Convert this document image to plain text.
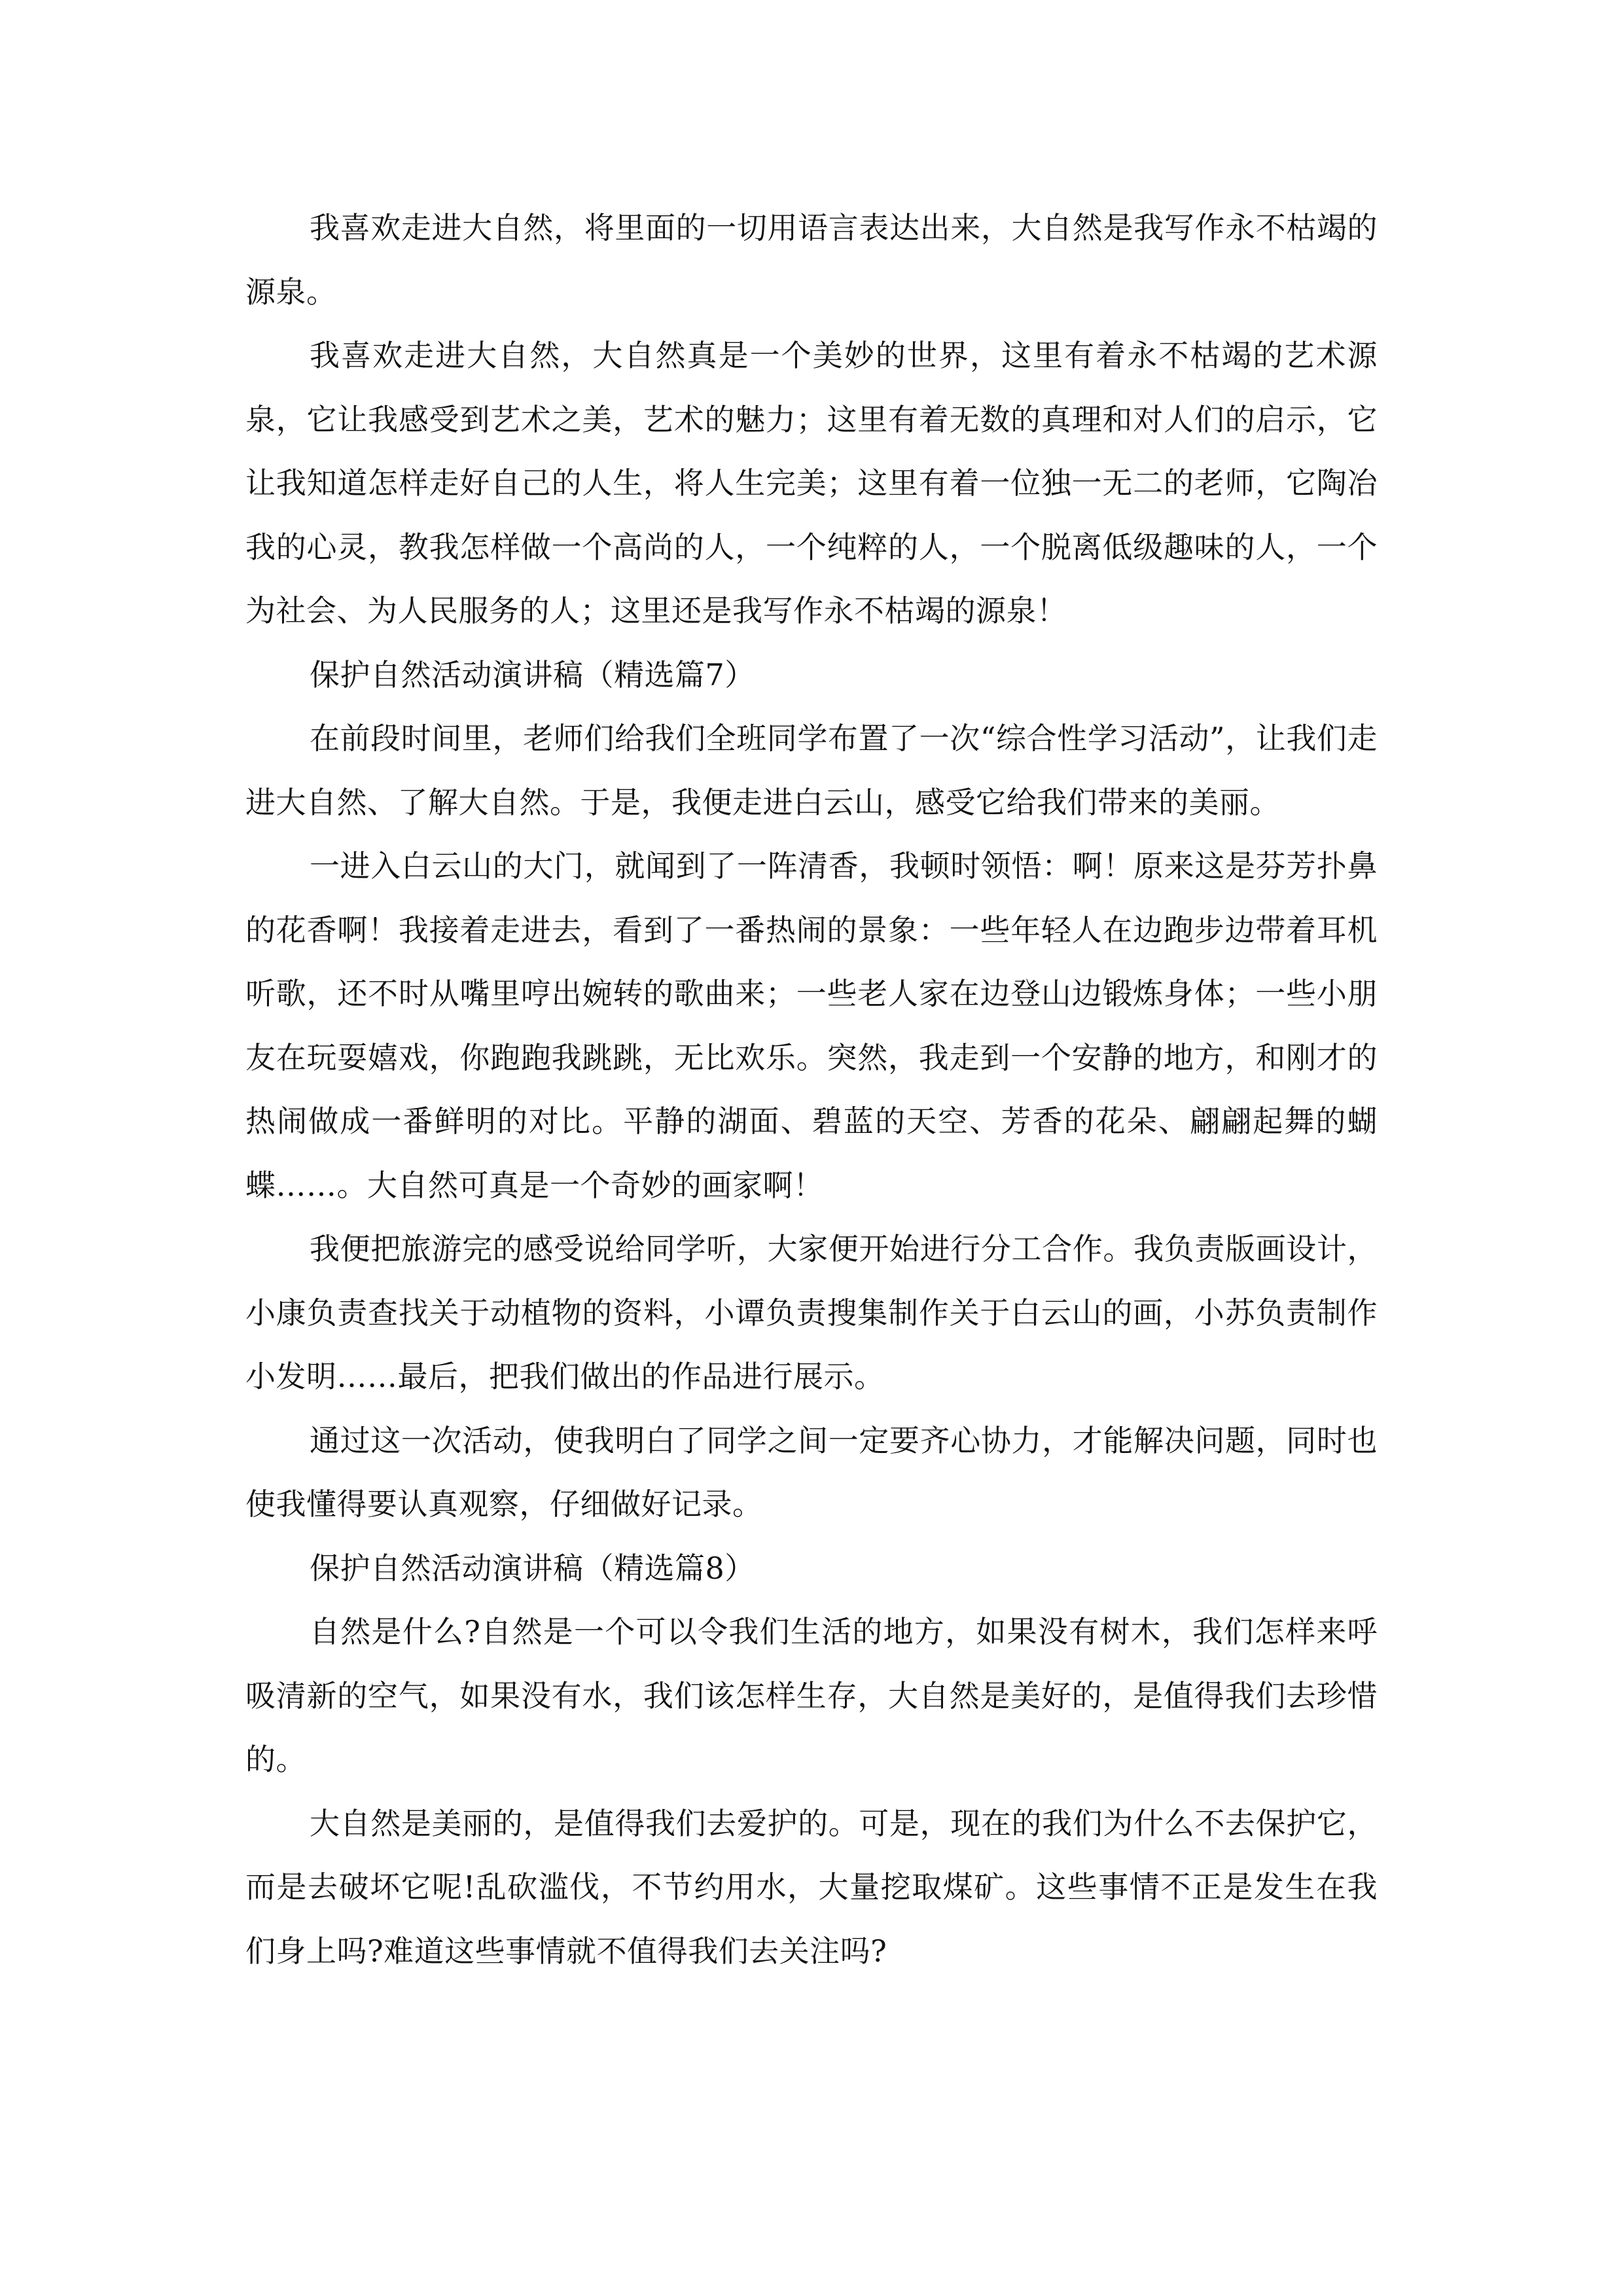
我喜欢走进大自然，将里面的一切用语言表达出来，大自然是我写作永不枯竭的源泉。

我喜欢走进大自然，大自然真是一个美妙的世界，这里有着永不枯竭的艺术源泉，它让我感受到艺术之美，艺术的魅力；这里有着无数的真理和对人们的启示，它让我知道怎样走好自己的人生，将人生完美；这里有着一位独一无二的老师，它陶冶我的心灵，教我怎样做一个高尚的人，一个纯粹的人，一个脱离低级趣味的人，一个为社会、为人民服务的人；这里还是我写作永不枯竭的源泉！

保护自然活动演讲稿（精选篇7）

在前段时间里，老师们给我们全班同学布置了一次“综合性学习活动”，让我们走进大自然、了解大自然。于是，我便走进白云山，感受它给我们带来的美丽。

一进入白云山的大门，就闻到了一阵清香，我顿时领悟：啊！原来这是芬芳扑鼻的花香啊！我接着走进去，看到了一番热闹的景象：一些年轻人在边跑步边带着耳机听歌，还不时从嘴里哼出婉转的歌曲来；一些老人家在边登山边锻炼身体；一些小朋友在玩耍嬉戏，你跑跑我跳跳，无比欢乐。突然，我走到一个安静的地方，和刚才的热闹做成一番鲜明的对比。平静的湖面、碧蓝的天空、芳香的花朵、翩翩起舞的蝴蝶……。大自然可真是一个奇妙的画家啊！

我便把旅游完的感受说给同学听，大家便开始进行分工合作。我负责版画设计，小康负责查找关于动植物的资料，小谭负责搜集制作关于白云山的画，小苏负责制作小发明……最后，把我们做出的作品进行展示。

通过这一次活动，使我明白了同学之间一定要齐心协力，才能解决问题，同时也使我懂得要认真观察，仔细做好记录。

保护自然活动演讲稿（精选篇8）

自然是什么?自然是一个可以令我们生活的地方，如果没有树木，我们怎样来呼吸清新的空气，如果没有水，我们该怎样生存，大自然是美好的，是值得我们去珍惜的。

大自然是美丽的，是值得我们去爱护的。可是，现在的我们为什么不去保护它，而是去破坏它呢!乱砍滥伐，不节约用水，大量挖取煤矿。这些事情不正是发生在我们身上吗?难道这些事情就不值得我们去关注吗?
